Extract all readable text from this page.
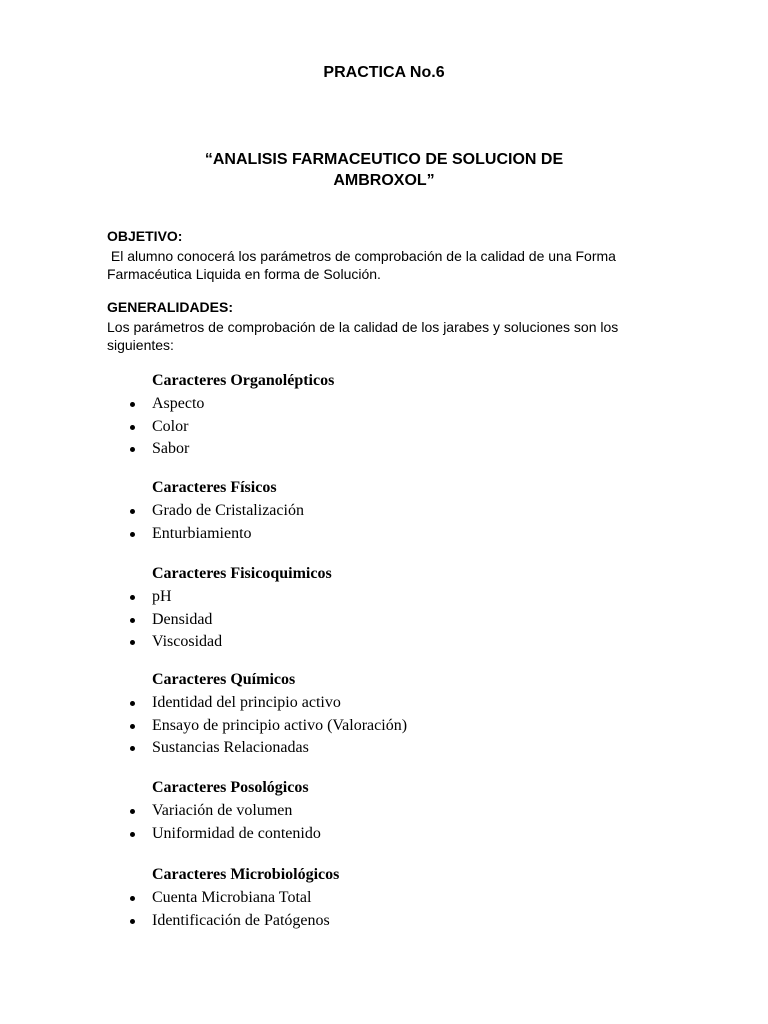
PRACTICA No.6
“ANALISIS FARMACEUTICO DE SOLUCION DE
AMBROXOL”
OBJETIVO:
El alumno conocerá los parámetros de comprobación de la calidad de una Forma
Farmacéutica Liquida en forma de Solución.
GENERALIDADES:
Los parámetros de comprobación de la calidad de los jarabes y soluciones son los
siguientes:
Caracteres Organolépticos
Aspecto
Color
Sabor
Caracteres Físicos
Grado de Cristalización
Enturbiamiento
Caracteres Fisicoquimicos
pH
Densidad
Viscosidad
Caracteres Químicos
Identidad del principio activo
Ensayo de principio activo (Valoración)
Sustancias Relacionadas
Caracteres Posológicos
Variación de volumen
Uniformidad de contenido
Caracteres Microbiológicos
Cuenta Microbiana Total
Identificación de Patógenos
